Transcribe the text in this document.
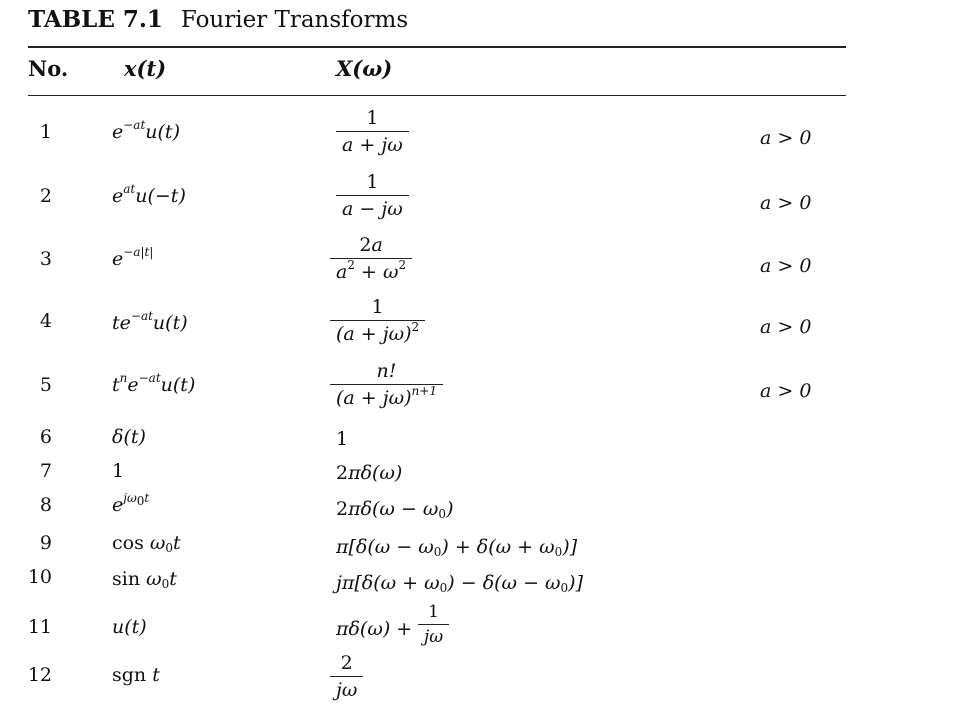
TABLE 7.1 Fourier Transforms
No.	x(t)	X(ω)
1	$e^{-at}u(t)$	$\frac{1}{a + j\omega}$	a > 0
2	$e^{at}u(-t)$	$\frac{1}{a - j\omega}$	a > 0
3	$e^{-a|t|}$	$\frac{2a}{a^2 + \omega^2}$	a > 0
4	$te^{-at}u(t)$	$\frac{1}{(a + j\omega)^2}$	a > 0
5	$t^ne^{-at}u(t)$	$\frac{n!}{(a + j\omega)^{n+1}}$	a > 0
6	δ(t)	1
7	1	2πδ(ω)
8	$e^{j\omega_0t}$	$2\pi\delta(\omega - \omega_0)$
9	$\cos \omega_0t$	$\pi[\delta(\omega - \omega_0) + \delta(\omega + \omega_0)]$
10	$\sin \omega_0t$	$j\pi[\delta(\omega + \omega_0) - \delta(\omega - \omega_0)]$
11	u(t)	$\pi\delta(\omega) + \frac{1}{j\omega}$
12	sgn t	$\frac{2}{j\omega}$
